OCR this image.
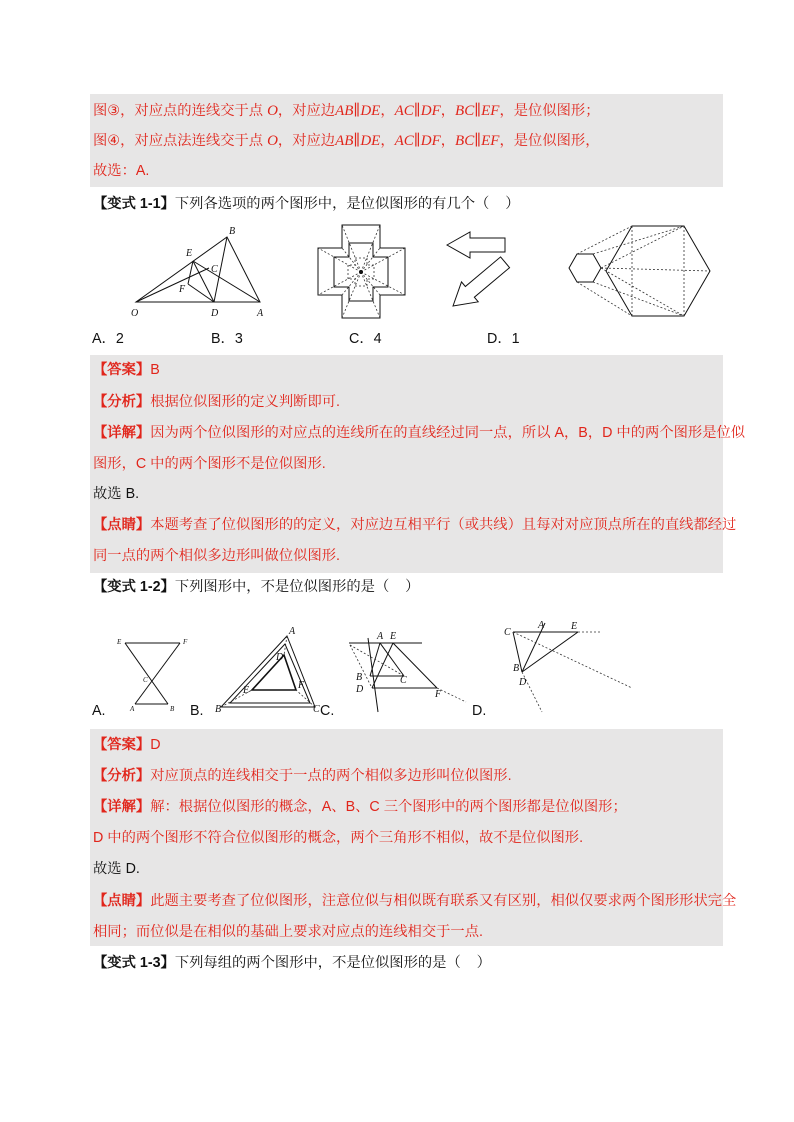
图③，对应点的连线交于点 O，对应边AB∥DE，AC∥DF，BC∥EF，是位似图形；
图④，对应点法连线交于点 O，对应边AB∥DE，AC∥DF，BC∥EF，是位似图形，
故选：A.
【变式 1-1】下列各选项的两个图形中，是位似图形的有几个（    ）
B
E
C
F
O	D	A
A．2	B．3	C．4	D．1
【答案】B
【分析】根据位似图形的定义判断即可.
【详解】因为两个位似图形的对应点的连线所在的直线经过同一点，所以 A，B，D 中的两个图形是位似
图形，C 中的两个图形不是位似图形.
故选 B.
【点睛】本题考查了位似图形的的定义，对应边互相平行（或共线）且每对对应顶点所在的直线都经过
同一点的两个相似多边形叫做位似图形.
【变式 1-2】下列图形中，不是位似图形的是（    ）
E	F
C
A	B
A
D
E	F
B	C
A E
B
D
C
F
C
A	E
B
D
A.	B.	C.	D.
【答案】D
【分析】对应顶点的连线相交于一点的两个相似多边形叫位似图形.
【详解】解：根据位似图形的概念，A、B、C 三个图形中的两个图形都是位似图形；
D 中的两个图形不符合位似图形的概念，两个三角形不相似，故不是位似图形.
故选 D.
【点睛】此题主要考查了位似图形，注意位似与相似既有联系又有区别，相似仅要求两个图形形状完全
相同；而位似是在相似的基础上要求对应点的连线相交于一点.
【变式 1-3】下列每组的两个图形中，不是位似图形的是（    ）
